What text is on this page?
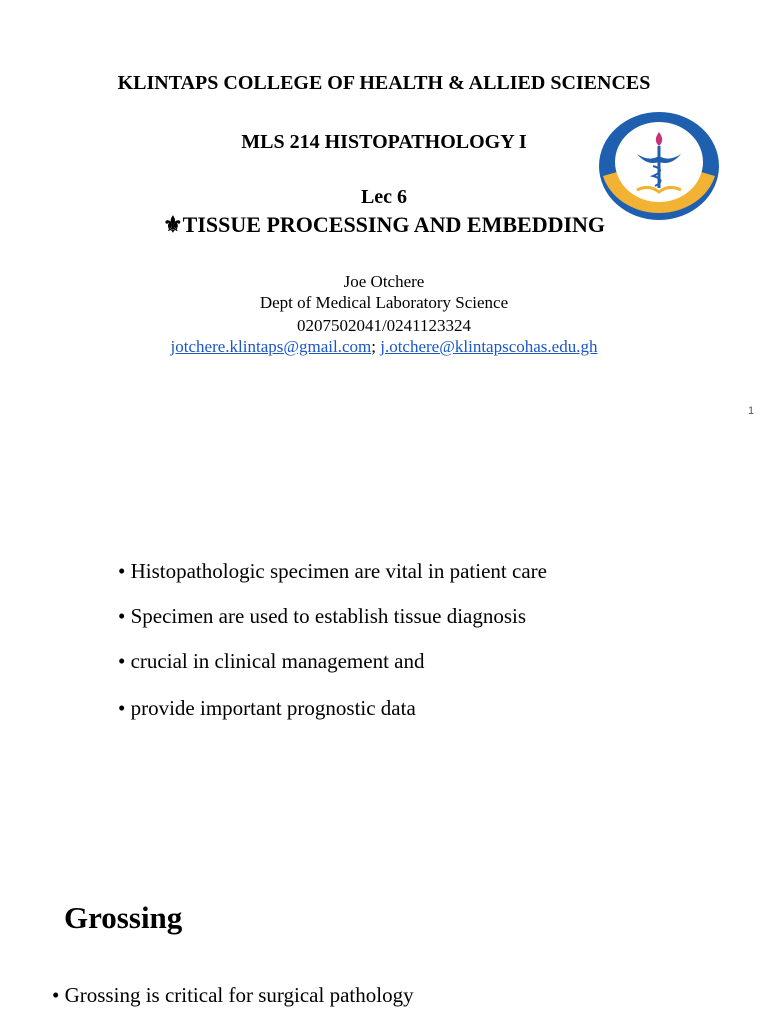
KLINTAPS COLLEGE OF HEALTH & ALLIED SCIENCES
MLS 214 HISTOPATHOLOGY I
Lec 6
⚜TISSUE PROCESSING AND EMBEDDING
Joe Otchere
Dept of Medical Laboratory Science
0207502041/0241123324
jotchere.klintaps@gmail.com; j.otchere@klintapscohas.edu.gh
1
• Histopathologic specimen are vital in patient care
• Specimen are used to establish tissue diagnosis
• crucial in clinical management and
• provide important prognostic data
Grossing
• Grossing is critical for surgical pathology
